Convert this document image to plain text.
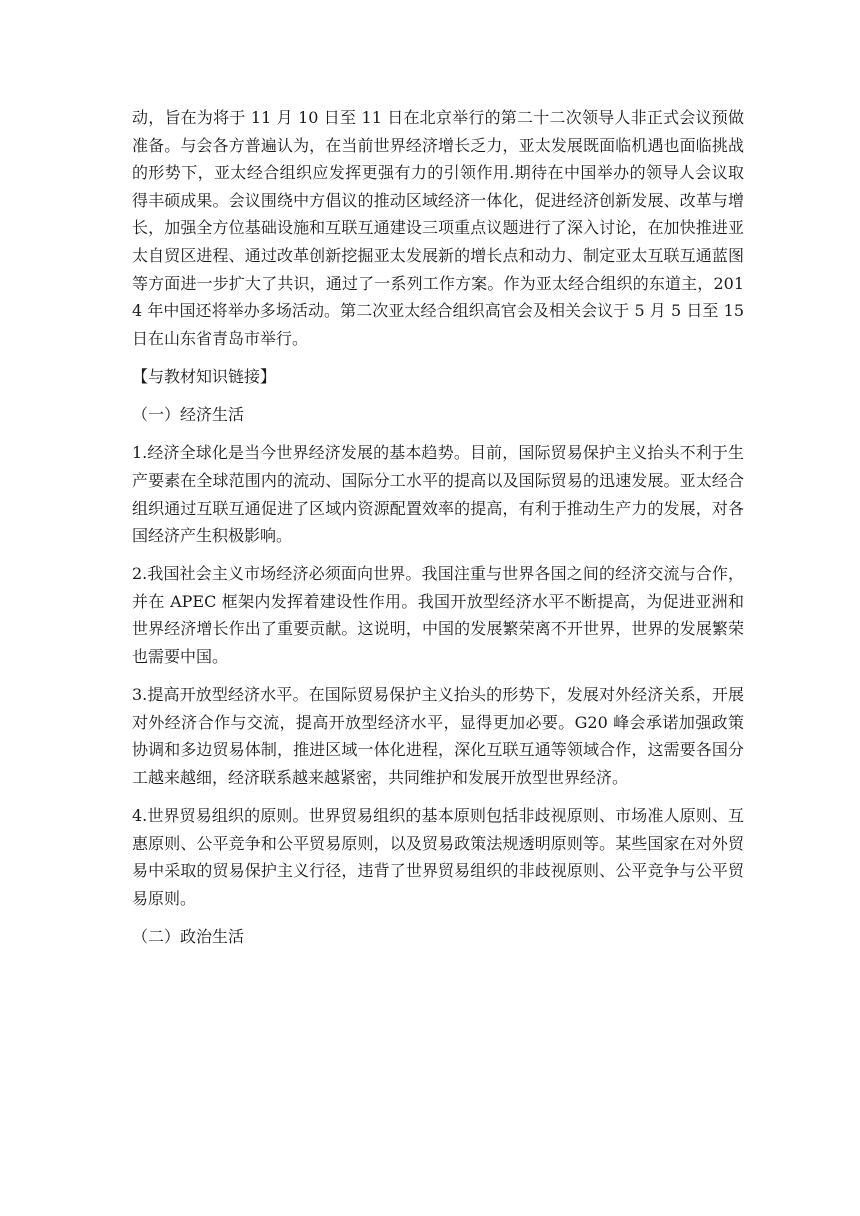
动，旨在为将于 11 月 10 日至 11 日在北京举行的第二十二次领导人非正式会议预做准备。与会各方普遍认为，在当前世界经济增长乏力，亚太发展既面临机遇也面临挑战的形势下，亚太经合组织应发挥更强有力的引领作用.期待在中国举办的领导人会议取得丰硕成果。会议围绕中方倡议的推动区域经济一体化，促进经济创新发展、改革与增长，加强全方位基础设施和互联互通建设三项重点议题进行了深入讨论，在加快推进亚太自贸区进程、通过改革创新挖掘亚太发展新的增长点和动力、制定亚太互联互通蓝图等方面进一步扩大了共识，通过了一系列工作方案。作为亚太经合组织的东道主，2014 年中国还将举办多场活动。第二次亚太经合组织高官会及相关会议于 5 月 5 日至 15 日在山东省青岛市举行。

【与教材知识链接】

（一）经济生活

1.经济全球化是当今世界经济发展的基本趋势。目前，国际贸易保护主义抬头不利于生产要素在全球范围内的流动、国际分工水平的提高以及国际贸易的迅速发展。亚太经合组织通过互联互通促进了区域内资源配置效率的提高，有利于推动生产力的发展，对各国经济产生积极影响。

2.我国社会主义市场经济必须面向世界。我国注重与世界各国之间的经济交流与合作，并在 APEC 框架内发挥着建设性作用。我国开放型经济水平不断提高，为促进亚洲和世界经济增长作出了重要贡献。这说明，中国的发展繁荣离不开世界，世界的发展繁荣也需要中国。

3.提高开放型经济水平。在国际贸易保护主义抬头的形势下，发展对外经济关系，开展对外经济合作与交流，提高开放型经济水平，显得更加必要。G20 峰会承诺加强政策协调和多边贸易体制，推进区域一体化进程，深化互联互通等领域合作，这需要各国分工越来越细，经济联系越来越紧密，共同维护和发展开放型世界经济。

4.世界贸易组织的原则。世界贸易组织的基本原则包括非歧视原则、市场准人原则、互惠原则、公平竞争和公平贸易原则，以及贸易政策法规透明原则等。某些国家在对外贸易中采取的贸易保护主义行径，违背了世界贸易组织的非歧视原则、公平竞争与公平贸易原则。

（二）政治生活
